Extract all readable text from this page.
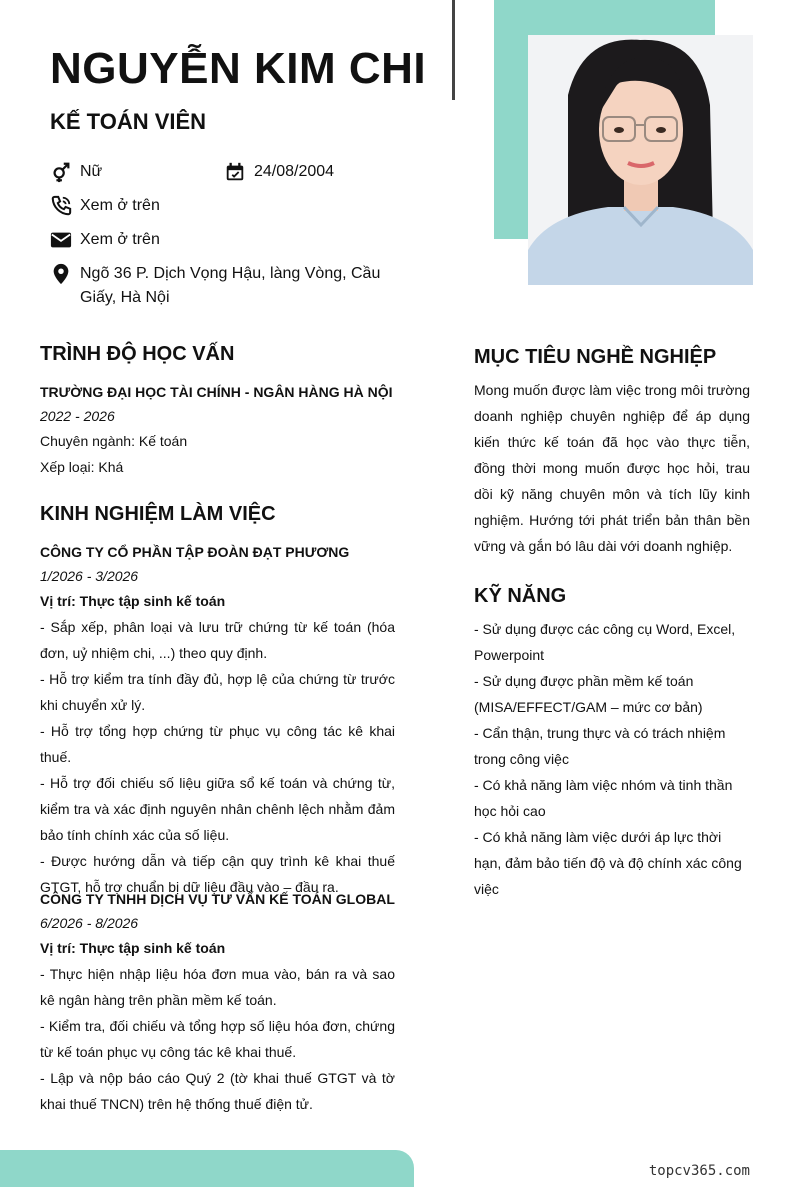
NGUYỄN KIM CHI
KẾ TOÁN VIÊN
Nữ	24/08/2004
Xem ở trên
Xem ở trên
Ngõ 36 P. Dịch Vọng Hậu, làng Vòng, Cầu Giấy, Hà Nội
TRÌNH ĐỘ HỌC VẤN
TRƯỜNG ĐẠI HỌC TÀI CHÍNH - NGÂN HÀNG HÀ NỘI
2022 - 2026
Chuyên ngành: Kế toán
Xếp loại: Khá
KINH NGHIỆM LÀM VIỆC
CÔNG TY CỔ PHẦN TẬP ĐOÀN ĐẠT PHƯƠNG
1/2026 - 3/2026
Vị trí: Thực tập sinh kế toán
- Sắp xếp, phân loại và lưu trữ chứng từ kế toán (hóa đơn, uỷ nhiệm chi, ...) theo quy định.
- Hỗ trợ kiểm tra tính đầy đủ, hợp lệ của chứng từ trước khi chuyển xử lý.
- Hỗ trợ tổng hợp chứng từ phục vụ công tác kê khai thuế.
- Hỗ trợ đối chiếu số liệu giữa sổ kế toán và chứng từ, kiểm tra và xác định nguyên nhân chênh lệch nhằm đảm bảo tính chính xác của số liệu.
- Được hướng dẫn và tiếp cận quy trình kê khai thuế GTGT, hỗ trợ chuẩn bị dữ liệu đầu vào – đầu ra.
CÔNG TY TNHH DỊCH VỤ TƯ VẤN KẾ TOÁN GLOBAL
6/2026 - 8/2026
Vị trí: Thực tập sinh kế toán
- Thực hiện nhập liệu hóa đơn mua vào, bán ra và sao kê ngân hàng trên phần mềm kế toán.
- Kiểm tra, đối chiếu và tổng hợp số liệu hóa đơn, chứng từ kế toán phục vụ công tác kê khai thuế.
- Lập và nộp báo cáo Quý 2 (tờ khai thuế GTGT và tờ khai thuế TNCN) trên hệ thống thuế điện tử.
MỤC TIÊU NGHỀ NGHIỆP
Mong muốn được làm việc trong môi trường doanh nghiệp chuyên nghiệp để áp dụng kiến thức kế toán đã học vào thực tiễn, đồng thời mong muốn được học hỏi, trau dồi kỹ năng chuyên môn và tích lũy kinh nghiệm. Hướng tới phát triển bản thân bền vững và gắn bó lâu dài với doanh nghiệp.
KỸ NĂNG
- Sử dụng được các công cụ Word, Excel, Powerpoint
- Sử dụng được phần mềm kế toán (MISA/EFFECT/GAM – mức cơ bản)
- Cẩn thận, trung thực và có trách nhiệm trong công việc
- Có khả năng làm việc nhóm và tinh thần học hỏi cao
- Có khả năng làm việc dưới áp lực thời hạn, đảm bảo tiến độ và độ chính xác công việc
topcv365.com
